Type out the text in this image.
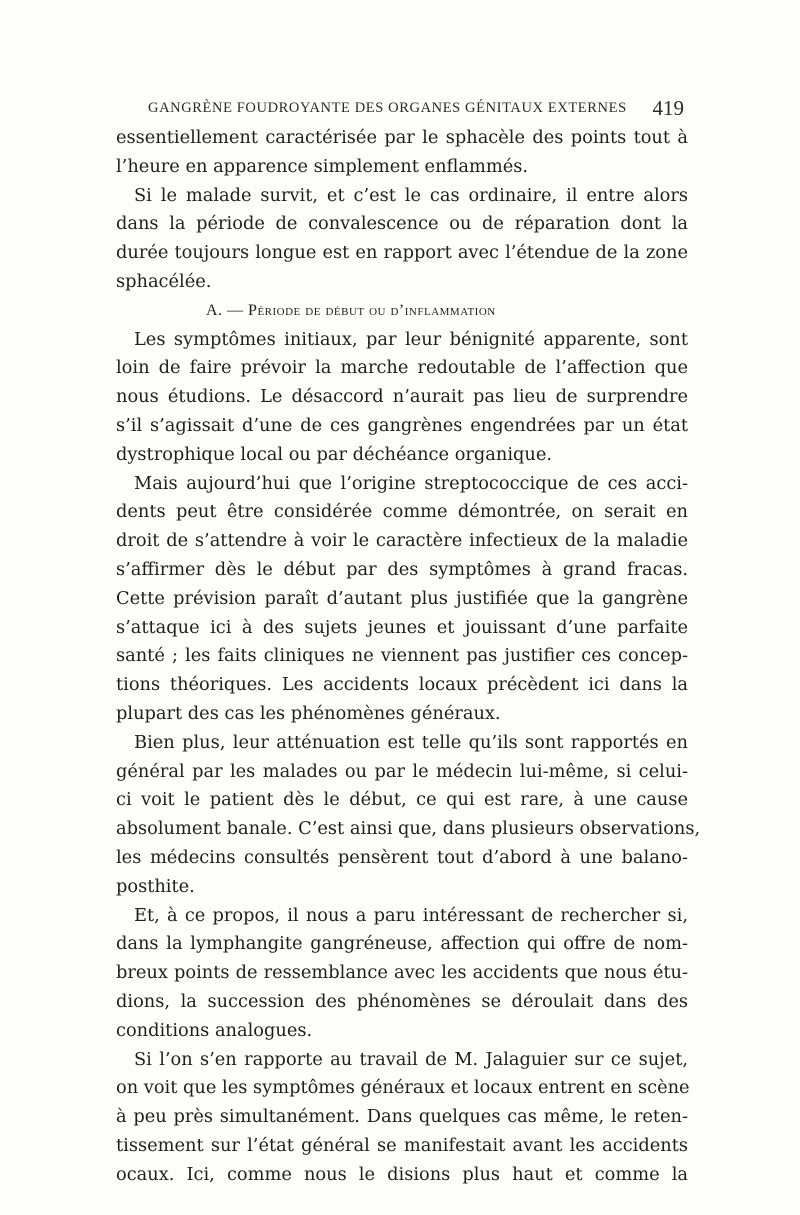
GANGRÈNE FOUDROYANTE DES ORGANES GÉNITAUX EXTERNES 419
essentiellement caractérisée par le sphacèle des points tout à
l’heure en apparence simplement enflammés.
Si le malade survit, et c’est le cas ordinaire, il entre alors
dans la période de convalescence ou de réparation dont la
durée toujours longue est en rapport avec l’étendue de la zone
sphacélée.
A. — Période de début ou d’inflammation
Les symptômes initiaux, par leur bénignité apparente, sont
loin de faire prévoir la marche redoutable de l’affection que
nous étudions. Le désaccord n’aurait pas lieu de surprendre
s’il s’agissait d’une de ces gangrènes engendrées par un état
dystrophique local ou par déchéance organique.
Mais aujourd’hui que l’origine streptococcique de ces acci-
dents peut être considérée comme démontrée, on serait en
droit de s’attendre à voir le caractère infectieux de la maladie
s’affirmer dès le début par des symptômes à grand fracas.
Cette prévision paraît d’autant plus justifiée que la gangrène
s’attaque ici à des sujets jeunes et jouissant d’une parfaite
santé ; les faits cliniques ne viennent pas justifier ces concep-
tions théoriques. Les accidents locaux précèdent ici dans la
plupart des cas les phénomènes généraux.
Bien plus, leur atténuation est telle qu’ils sont rapportés en
général par les malades ou par le médecin lui-même, si celui-
ci voit le patient dès le début, ce qui est rare, à une cause
absolument banale. C’est ainsi que, dans plusieurs observations,
les médecins consultés pensèrent tout d’abord à une balano-
posthite.
Et, à ce propos, il nous a paru intéressant de rechercher si,
dans la lymphangite gangréneuse, affection qui offre de nom-
breux points de ressemblance avec les accidents que nous étu-
dions, la succession des phénomènes se déroulait dans des
conditions analogues.
Si l’on s’en rapporte au travail de M. Jalaguier sur ce sujet,
on voit que les symptômes généraux et locaux entrent en scène
à peu près simultanément. Dans quelques cas même, le reten-
tissement sur l’état général se manifestait avant les accidents
ocaux. Ici, comme nous le disions plus haut et comme la
